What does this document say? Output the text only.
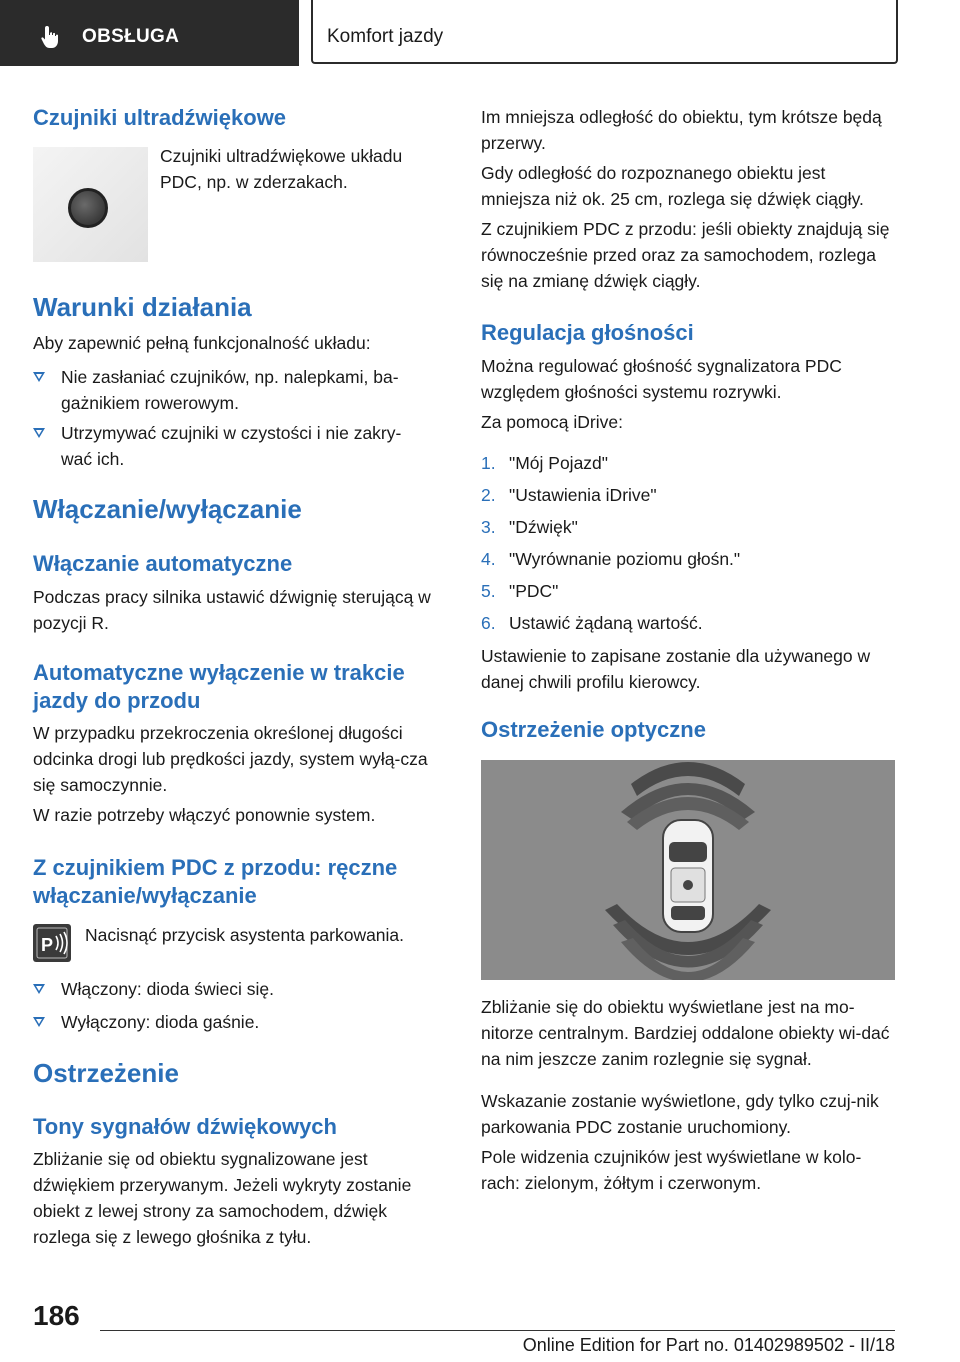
OBSŁUGA	Komfort jazdy
Czujniki ultradźwiękowe

Czujniki ultradźwiękowe układu PDC, np. w zderzakach.

Warunki działania

Aby zapewnić pełną funkcjonalność układu:

Nie zasłaniać czujników, np. nalepkami, ba-
gażnikiem rowerowym.
Utrzymywać czujniki w czystości i nie zakry-
wać ich.
Włączanie/wyłączanie
Włączanie automatyczne

Podczas pracy silnika ustawić dźwignię sterującą w pozycji R.

Automatyczne wyłączenie w trakcie jazdy do przodu

W przypadku przekroczenia określonej długości odcinka drogi lub prędkości jazdy, system wyłą-cza się samoczynnie.

W razie potrzeby włączyć ponownie system.

Z czujnikiem PDC z przodu: ręczne włączanie/wyłączanie
P Nacisnąć przycisk asystenta parkowania.

Włączony: dioda świeci się.
Wyłączony: dioda gaśnie.
Ostrzeżenie
Tony sygnałów dźwiękowych

Zbliżanie się od obiektu sygnalizowane jest dźwiękiem przerywanym. Jeżeli wykryty zostanie obiekt z lewej strony za samochodem, dźwięk rozlega się z lewego głośnika z tyłu.

Im mniejsza odległość do obiektu, tym krótsze będą przerwy.

Gdy odległość do rozpoznanego obiektu jest mniejsza niż ok. 25 cm, rozlega się dźwięk ciągły.

Z czujnikiem PDC z przodu: jeśli obiekty znajdują się równocześnie przed oraz za samochodem, rozlega się na zmianę dźwięk ciągły.

Regulacja głośności

Można regulować głośność sygnalizatora PDC względem głośności systemu rozrywki.

Za pomocą iDrive:

1. "Mój Pojazd"
2. "Ustawienia iDrive"
3. "Dźwięk"
4. "Wyrównanie poziomu głośn."
5. "PDC"
6. Ustawić żądaną wartość.

Ustawienie to zapisane zostanie dla używanego w danej chwili profilu kierowcy.

Ostrzeżenie optyczne

Zbliżanie się do obiektu wyświetlane jest na mo-nitorze centralnym. Bardziej oddalone obiekty wi-dać na nim jeszcze zanim rozlegnie się sygnał.

Wskazanie zostanie wyświetlone, gdy tylko czuj-nik parkowania PDC zostanie uruchomiony.

Pole widzenia czujników jest wyświetlane w kolo-rach: zielonym, żółtym i czerwonym.

186
Online Edition for Part no. 01402989502 - II/18
